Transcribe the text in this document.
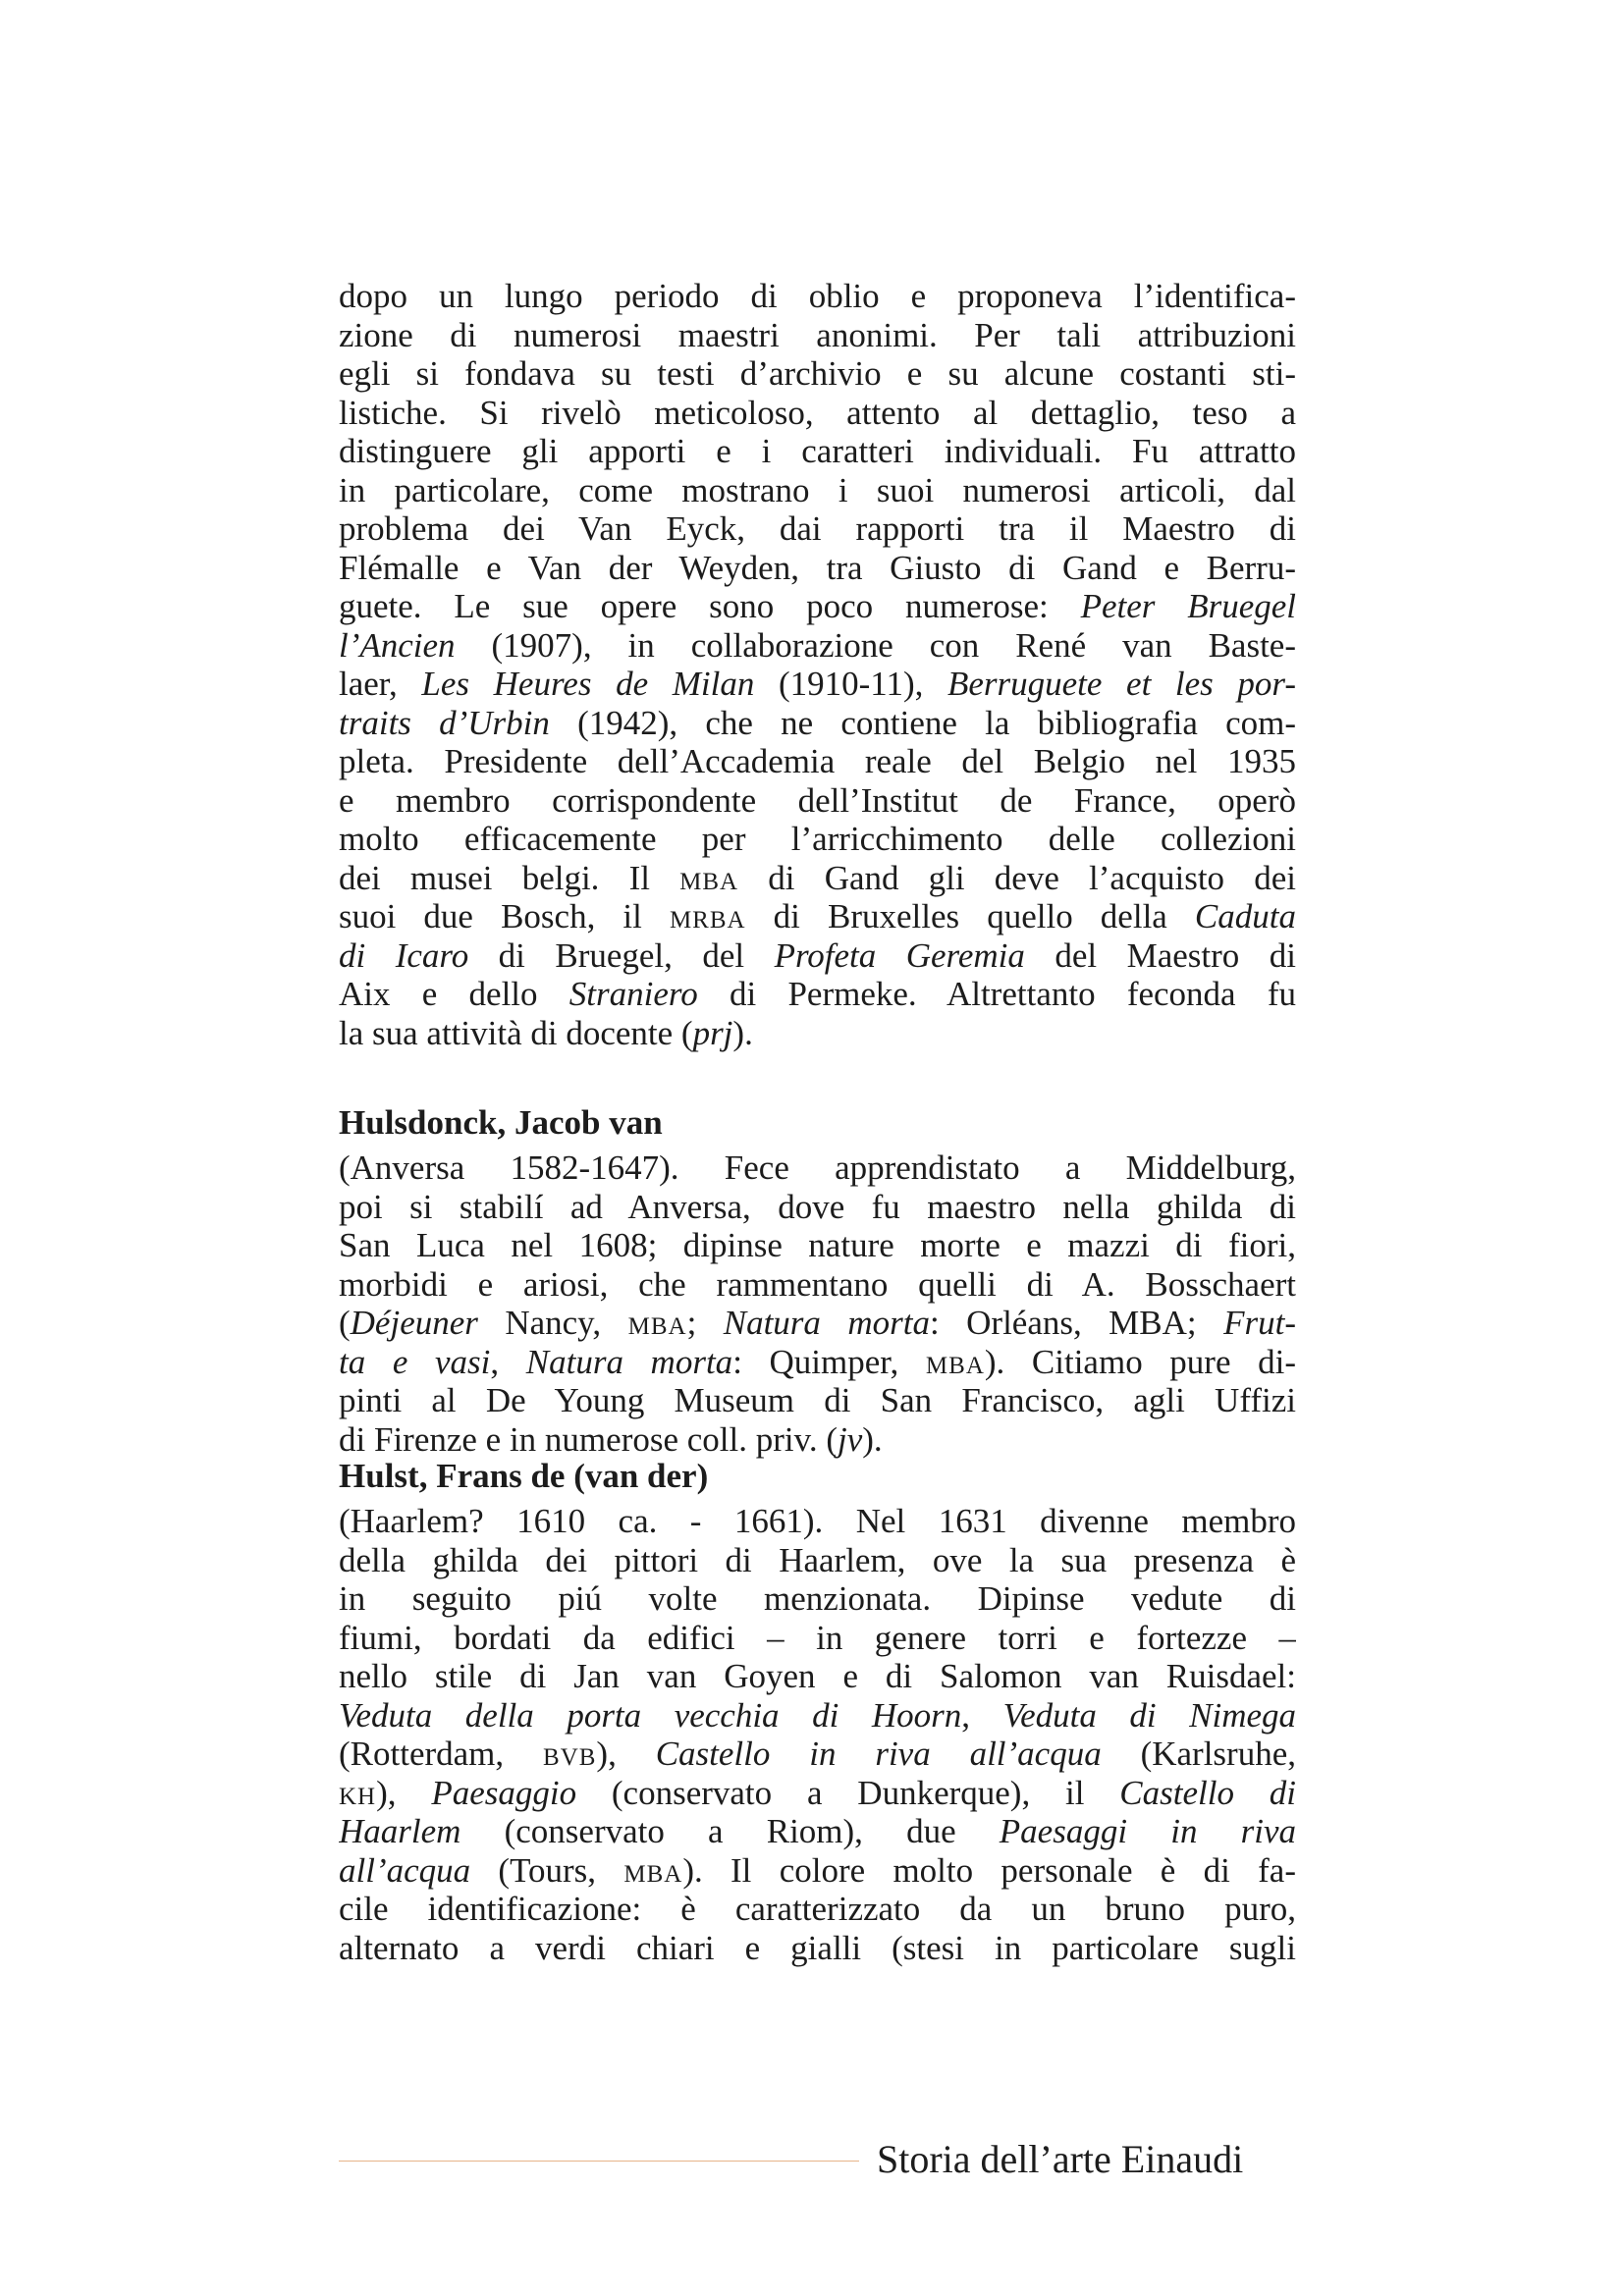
dopo un lungo periodo di oblio e proponeva l’identifica-
zione di numerosi maestri anonimi. Per tali attribuzioni
egli si fondava su testi d’archivio e su alcune costanti sti-
listiche. Si rivelò meticoloso, attento al dettaglio, teso a
distinguere gli apporti e i caratteri individuali. Fu attratto
in particolare, come mostrano i suoi numerosi articoli, dal
problema dei Van Eyck, dai rapporti tra il Maestro di
Flémalle e Van der Weyden, tra Giusto di Gand e Berru-
guete. Le sue opere sono poco numerose: Peter Bruegel
l’Ancien (1907), in collaborazione con René van Baste-
laer, Les Heures de Milan (1910-11), Berruguete et les por-
traits d’Urbin (1942), che ne contiene la bibliografia com-
pleta. Presidente dell’Accademia reale del Belgio nel 1935
e membro corrispondente dell’Institut de France, operò
molto efficacemente per l’arricchimento delle collezioni
dei musei belgi. Il mba di Gand gli deve l’acquisto dei
suoi due Bosch, il mrba di Bruxelles quello della Caduta
di Icaro di Bruegel, del Profeta Geremia del Maestro di
Aix e dello Straniero di Permeke. Altrettanto feconda fu
la sua attività di docente (prj).
Hulsdonck, Jacob van
(Anversa 1582-1647). Fece apprendistato a Middelburg,
poi si stabilí ad Anversa, dove fu maestro nella ghilda di
San Luca nel 1608; dipinse nature morte e mazzi di fiori,
morbidi e ariosi, che rammentano quelli di A. Bosschaert
(Déjeuner Nancy, mba; Natura morta: Orléans, MBA; Frut-
ta e vasi, Natura morta: Quimper, mba). Citiamo pure di-
pinti al De Young Museum di San Francisco, agli Uffizi
di Firenze e in numerose coll. priv. (jv).
Hulst, Frans de (van der)
(Haarlem? 1610 ca. - 1661). Nel 1631 divenne membro
della ghilda dei pittori di Haarlem, ove la sua presenza è
in seguito piú volte menzionata. Dipinse vedute di
fiumi, bordati da edifici – in genere torri e fortezze –
nello stile di Jan van Goyen e di Salomon van Ruisdael:
Veduta della porta vecchia di Hoorn, Veduta di Nimega
(Rotterdam, bvb), Castello in riva all’acqua (Karlsruhe,
kh), Paesaggio (conservato a Dunkerque), il Castello di
Haarlem (conservato a Riom), due Paesaggi in riva
all’acqua (Tours, mba). Il colore molto personale è di fa-
cile identificazione: è caratterizzato da un bruno puro,
alternato a verdi chiari e gialli (stesi in particolare sugli
Storia dell’arte Einaudi
